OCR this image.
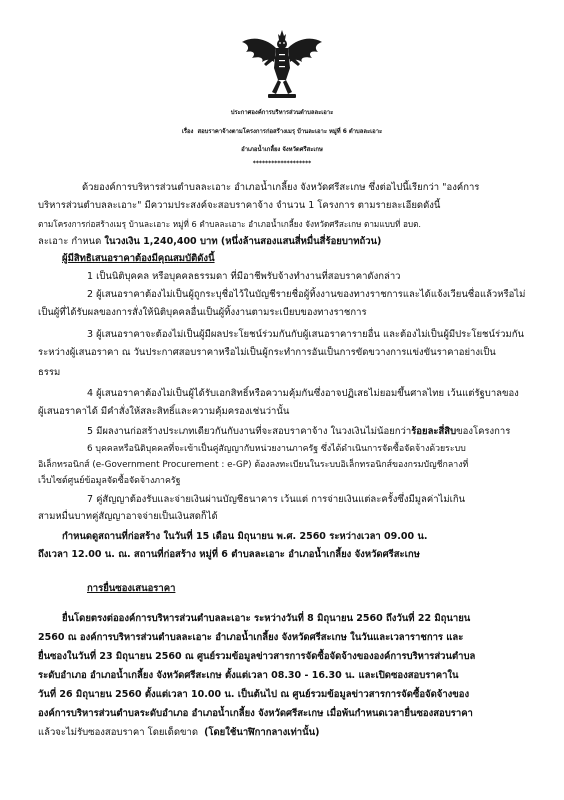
ประกาศองค์การบริหารส่วนตำบลละเอาะ
เรื่อง สอบราคาจ้างตามโครงการก่อสร้างเมรุ บ้านละเอาะ หมู่ที่ 6 ตำบลละเอาะ
อำเภอน้ำเกลี้ยง จังหวัดศรีสะเกษ
*******************
ด้วยองค์การบริหารส่วนตำบลละเอาะ อำเภอน้ำเกลี้ยง จังหวัดศรีสะเกษ ซึ่งต่อไปนี้เรียกว่า "องค์การ
บริหารส่วนตำบลละเอาะ" มีความประสงค์จะสอบราคาจ้าง จำนวน 1 โครงการ ตามรายละเอียดดังนี้
ตามโครงการก่อสร้างเมรุ บ้านละเอาะ หมู่ที่ 6 ตำบลละเอาะ อำเภอน้ำเกลี้ยง จังหวัดศรีสะเกษ ตามแบบที่ อบต.
ละเอาะ กำหนด ในวงเงิน 1,240,400 บาท (หนึ่งล้านสองแสนสี่หมื่นสี่ร้อยบาทถ้วน)
ผู้มีสิทธิเสนอราคาต้องมีคุณสมบัติดังนี้
1 เป็นนิติบุคคล หรือบุคคลธรรมดา ที่มีอาชีพรับจ้างทำงานที่สอบราคาดังกล่าว
2 ผู้เสนอราคาต้องไม่เป็นผู้ถูกระบุชื่อไว้ในบัญชีรายชื่อผู้ทิ้งงานของทางราชการและได้แจ้งเวียนชื่อแล้วหรือไม่
เป็นผู้ที่ได้รับผลของการสั่งให้นิติบุคคลอื่นเป็นผู้ทิ้งงานตามระเบียบของทางราชการ
3 ผู้เสนอราคาจะต้องไม่เป็นผู้มีผลประโยชน์ร่วมกันกับผู้เสนอราคารายอื่น และต้องไม่เป็นผู้มีประโยชน์ร่วมกัน
ระหว่างผู้เสนอราคา ณ วันประกาศสอบราคาหรือไม่เป็นผู้กระทำการอันเป็นการขัดขวางการแข่งขันราคาอย่างเป็น
ธรรม
4 ผู้เสนอราคาต้องไม่เป็นผู้ได้รับเอกสิทธิ์หรือความคุ้มกันซึ่งอาจปฏิเสธไม่ยอมขึ้นศาลไทย เว้นแต่รัฐบาลของ
ผู้เสนอราคาได้ มีคำสั่งให้สละสิทธิ์และความคุ้มครองเช่นว่านั้น
5 มีผลงานก่อสร้างประเภทเดียวกันกับงานที่จะสอบราคาจ้าง ในวงเงินไม่น้อยกว่าร้อยละสี่สิบของโครงการ
6 บุคคลหรือนิติบุคคลที่จะเข้าเป็นคู่สัญญากับหน่วยงานภาครัฐ ซึ่งได้ดำเนินการจัดซื้อจัดจ้างด้วยระบบ
อิเล็กทรอนิกส์ (e-Government Procurement : e-GP) ต้องลงทะเบียนในระบบอิเล็กทรอนิกส์ของกรมบัญชีกลางที่
เว็บไซต์ศูนย์ข้อมูลจัดซื้อจัดจ้างภาครัฐ
7 คู่สัญญาต้องรับและจ่ายเงินผ่านบัญชีธนาคาร เว้นแต่ การจ่ายเงินแต่ละครั้งซึ่งมีมูลค่าไม่เกิน
สามหมื่นบาทคู่สัญญาอาจจ่ายเป็นเงินสดก็ได้
กำหนดดูสถานที่ก่อสร้าง ในวันที่ 15 เดือน มิถุนายน พ.ศ. 2560 ระหว่างเวลา 09.00 น.
ถึงเวลา 12.00 น. ณ. สถานที่ก่อสร้าง หมู่ที่ 6 ตำบลละเอาะ อำเภอน้ำเกลี้ยง จังหวัดศรีสะเกษ
การยื่นซองเสนอราคา
ยื่นโดยตรงต่อองค์การบริหารส่วนตำบลละเอาะ ระหว่างวันที่ 8 มิถุนายน 2560 ถึงวันที่ 22 มิถุนายน
2560 ณ องค์การบริหารส่วนตำบลละเอาะ อำเภอน้ำเกลี้ยง จังหวัดศรีสะเกษ ในวันและเวลาราชการ และ
ยื่นซองในวันที่ 23 มิถุนายน 2560 ณ ศูนย์รวมข้อมูลข่าวสารการจัดซื้อจัดจ้างขององค์การบริหารส่วนตำบล
ระดับอำเภอ อำเภอน้ำเกลี้ยง จังหวัดศรีสะเกษ ตั้งแต่เวลา 08.30 - 16.30 น. และเปิดซองสอบราคาใน
วันที่ 26 มิถุนายน 2560 ตั้งแต่เวลา 10.00 น. เป็นต้นไป ณ ศูนย์รวมข้อมูลข่าวสารการจัดซื้อจัดจ้างของ
องค์การบริหารส่วนตำบลระดับอำเภอ อำเภอน้ำเกลี้ยง จังหวัดศรีสะเกษ เมื่อพ้นกำหนดเวลายื่นซองสอบราคา
แล้วจะไม่รับซองสอบราคา โดยเด็ดขาด (โดยใช้นาฬิกากลางเท่านั้น)
